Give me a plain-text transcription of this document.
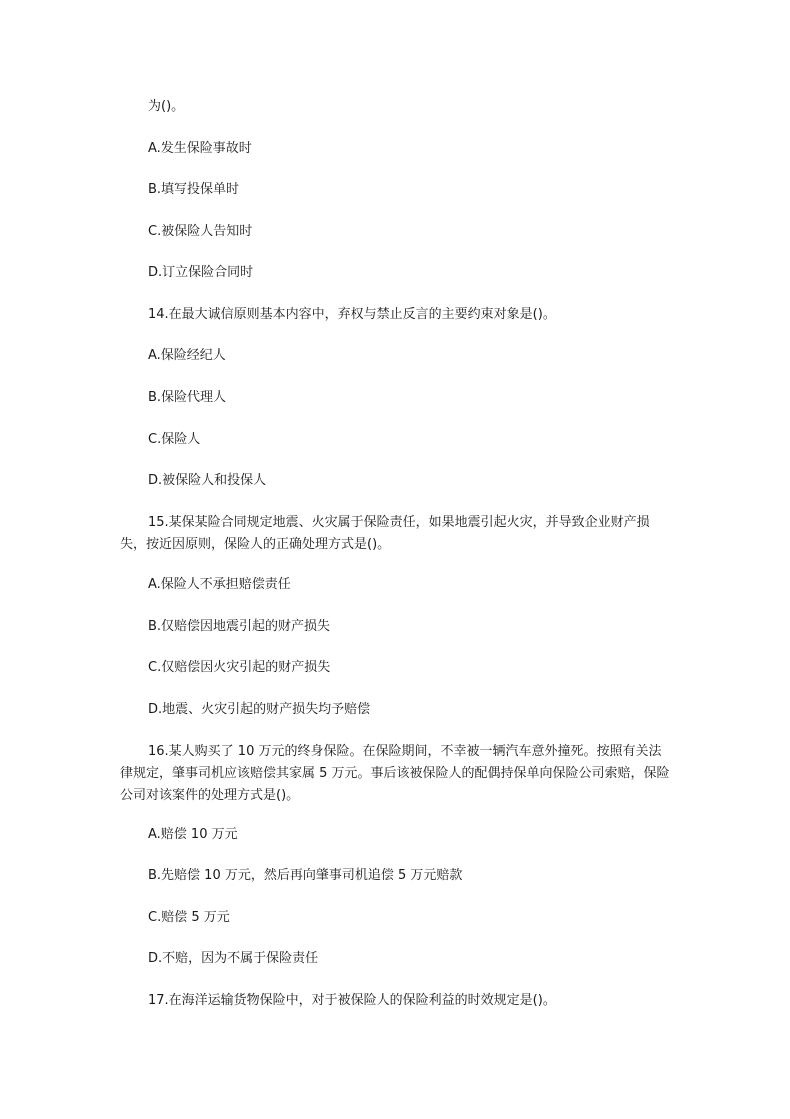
为()。
A.发生保险事故时
B.填写投保单时
C.被保险人告知时
D.订立保险合同时
14.在最大诚信原则基本内容中，弃权与禁止反言的主要约束对象是()。
A.保险经纪人
B.保险代理人
C.保险人
D.被保险人和投保人
15.某保某险合同规定地震、火灾属于保险责任，如果地震引起火灾，并导致企业财产损失，按近因原则，保险人的正确处理方式是()。
A.保险人不承担赔偿责任
B.仅赔偿因地震引起的财产损失
C.仅赔偿因火灾引起的财产损失
D.地震、火灾引起的财产损失均予赔偿
16.某人购买了 10 万元的终身保险。在保险期间，不幸被一辆汽车意外撞死。按照有关法律规定，肇事司机应该赔偿其家属 5 万元。事后该被保险人的配偶持保单向保险公司索赔，保险公司对该案件的处理方式是()。
A.赔偿 10 万元
B.先赔偿 10 万元，然后再向肇事司机追偿 5 万元赔款
C.赔偿 5 万元
D.不赔，因为不属于保险责任
17.在海洋运输货物保险中，对于被保险人的保险利益的时效规定是()。
